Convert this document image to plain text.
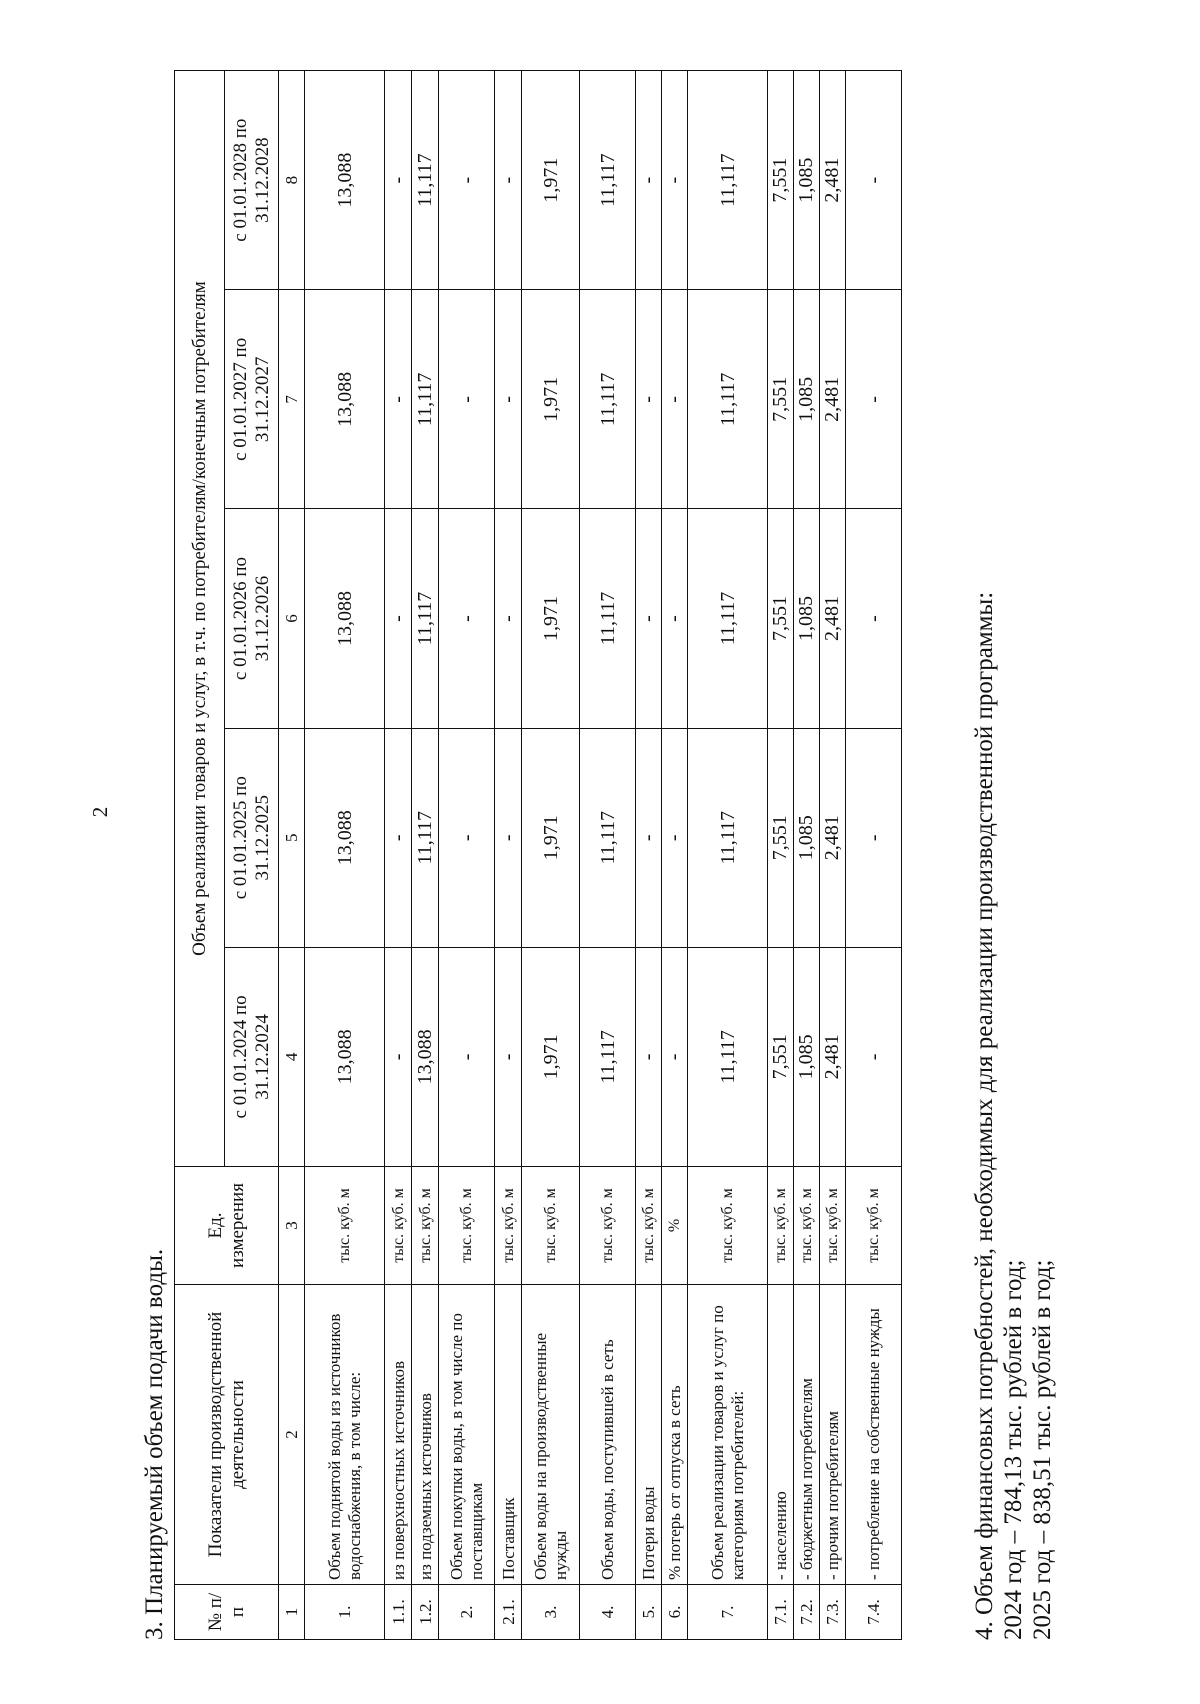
2
3. Планируемый объем подачи воды. № п/п	Показатели производственной деятельности	Ед. измерения	Объем реализации товаров и услуг, в т.ч. по потребителям/конечным потребителям				
			с 01.01.2024 по 31.12.2024	с 01.01.2025 по 31.12.2025	с 01.01.2026 по 31.12.2026	с 01.01.2027 по 31.12.2027	с 01.01.2028 по 31.12.2028
1	2	3	4	5	6	7	8
1.	Объем поднятой воды из источников водоснабжения, в том числе:	тыс. куб. м	13,088	13,088	13,088	13,088	13,088
1.1.	из поверхностных источников	тыс. куб. м	-	-	-	-	-
1.2.	из подземных источников	тыс. куб. м	13,088	11,117	11,117	11,117	11,117
2.	Объем покупки воды, в том числе по поставщикам	тыс. куб. м	-	-	-	-	-
2.1.	Поставщик	тыс. куб. м	-	-	-	-	-
3.	Объем воды на производственные нужды	тыс. куб. м	1,971	1,971	1,971	1,971	1,971
4.	Объем воды, поступившей в сеть	тыс. куб. м	11,117	11,117	11,117	11,117	11,117
5.	Потери воды	тыс. куб. м	-	-	-	-	-
6.	% потерь от отпуска в сеть	%	-	-	-	-	-
7.	Объем реализации товаров и услуг по категориям потребителей:	тыс. куб. м	11,117	11,117	11,117	11,117	11,117
7.1.	- населению	тыс. куб. м	7,551	7,551	7,551	7,551	7,551
7.2.	- бюджетным потребителям	тыс. куб. м	1,085	1,085	1,085	1,085	1,085
7.3.	- прочим потребителям	тыс. куб. м	2,481	2,481	2,481	2,481	2,481
7.4.	- потребление на собственные нужды	тыс. куб. м	-	-	-	-	-
4. Объем финансовых потребностей, необходимых для реализации производственной программы: 2024 год – 784,13 тыс. рублей в год; 2025 год – 838,51 тыс. рублей в год;
